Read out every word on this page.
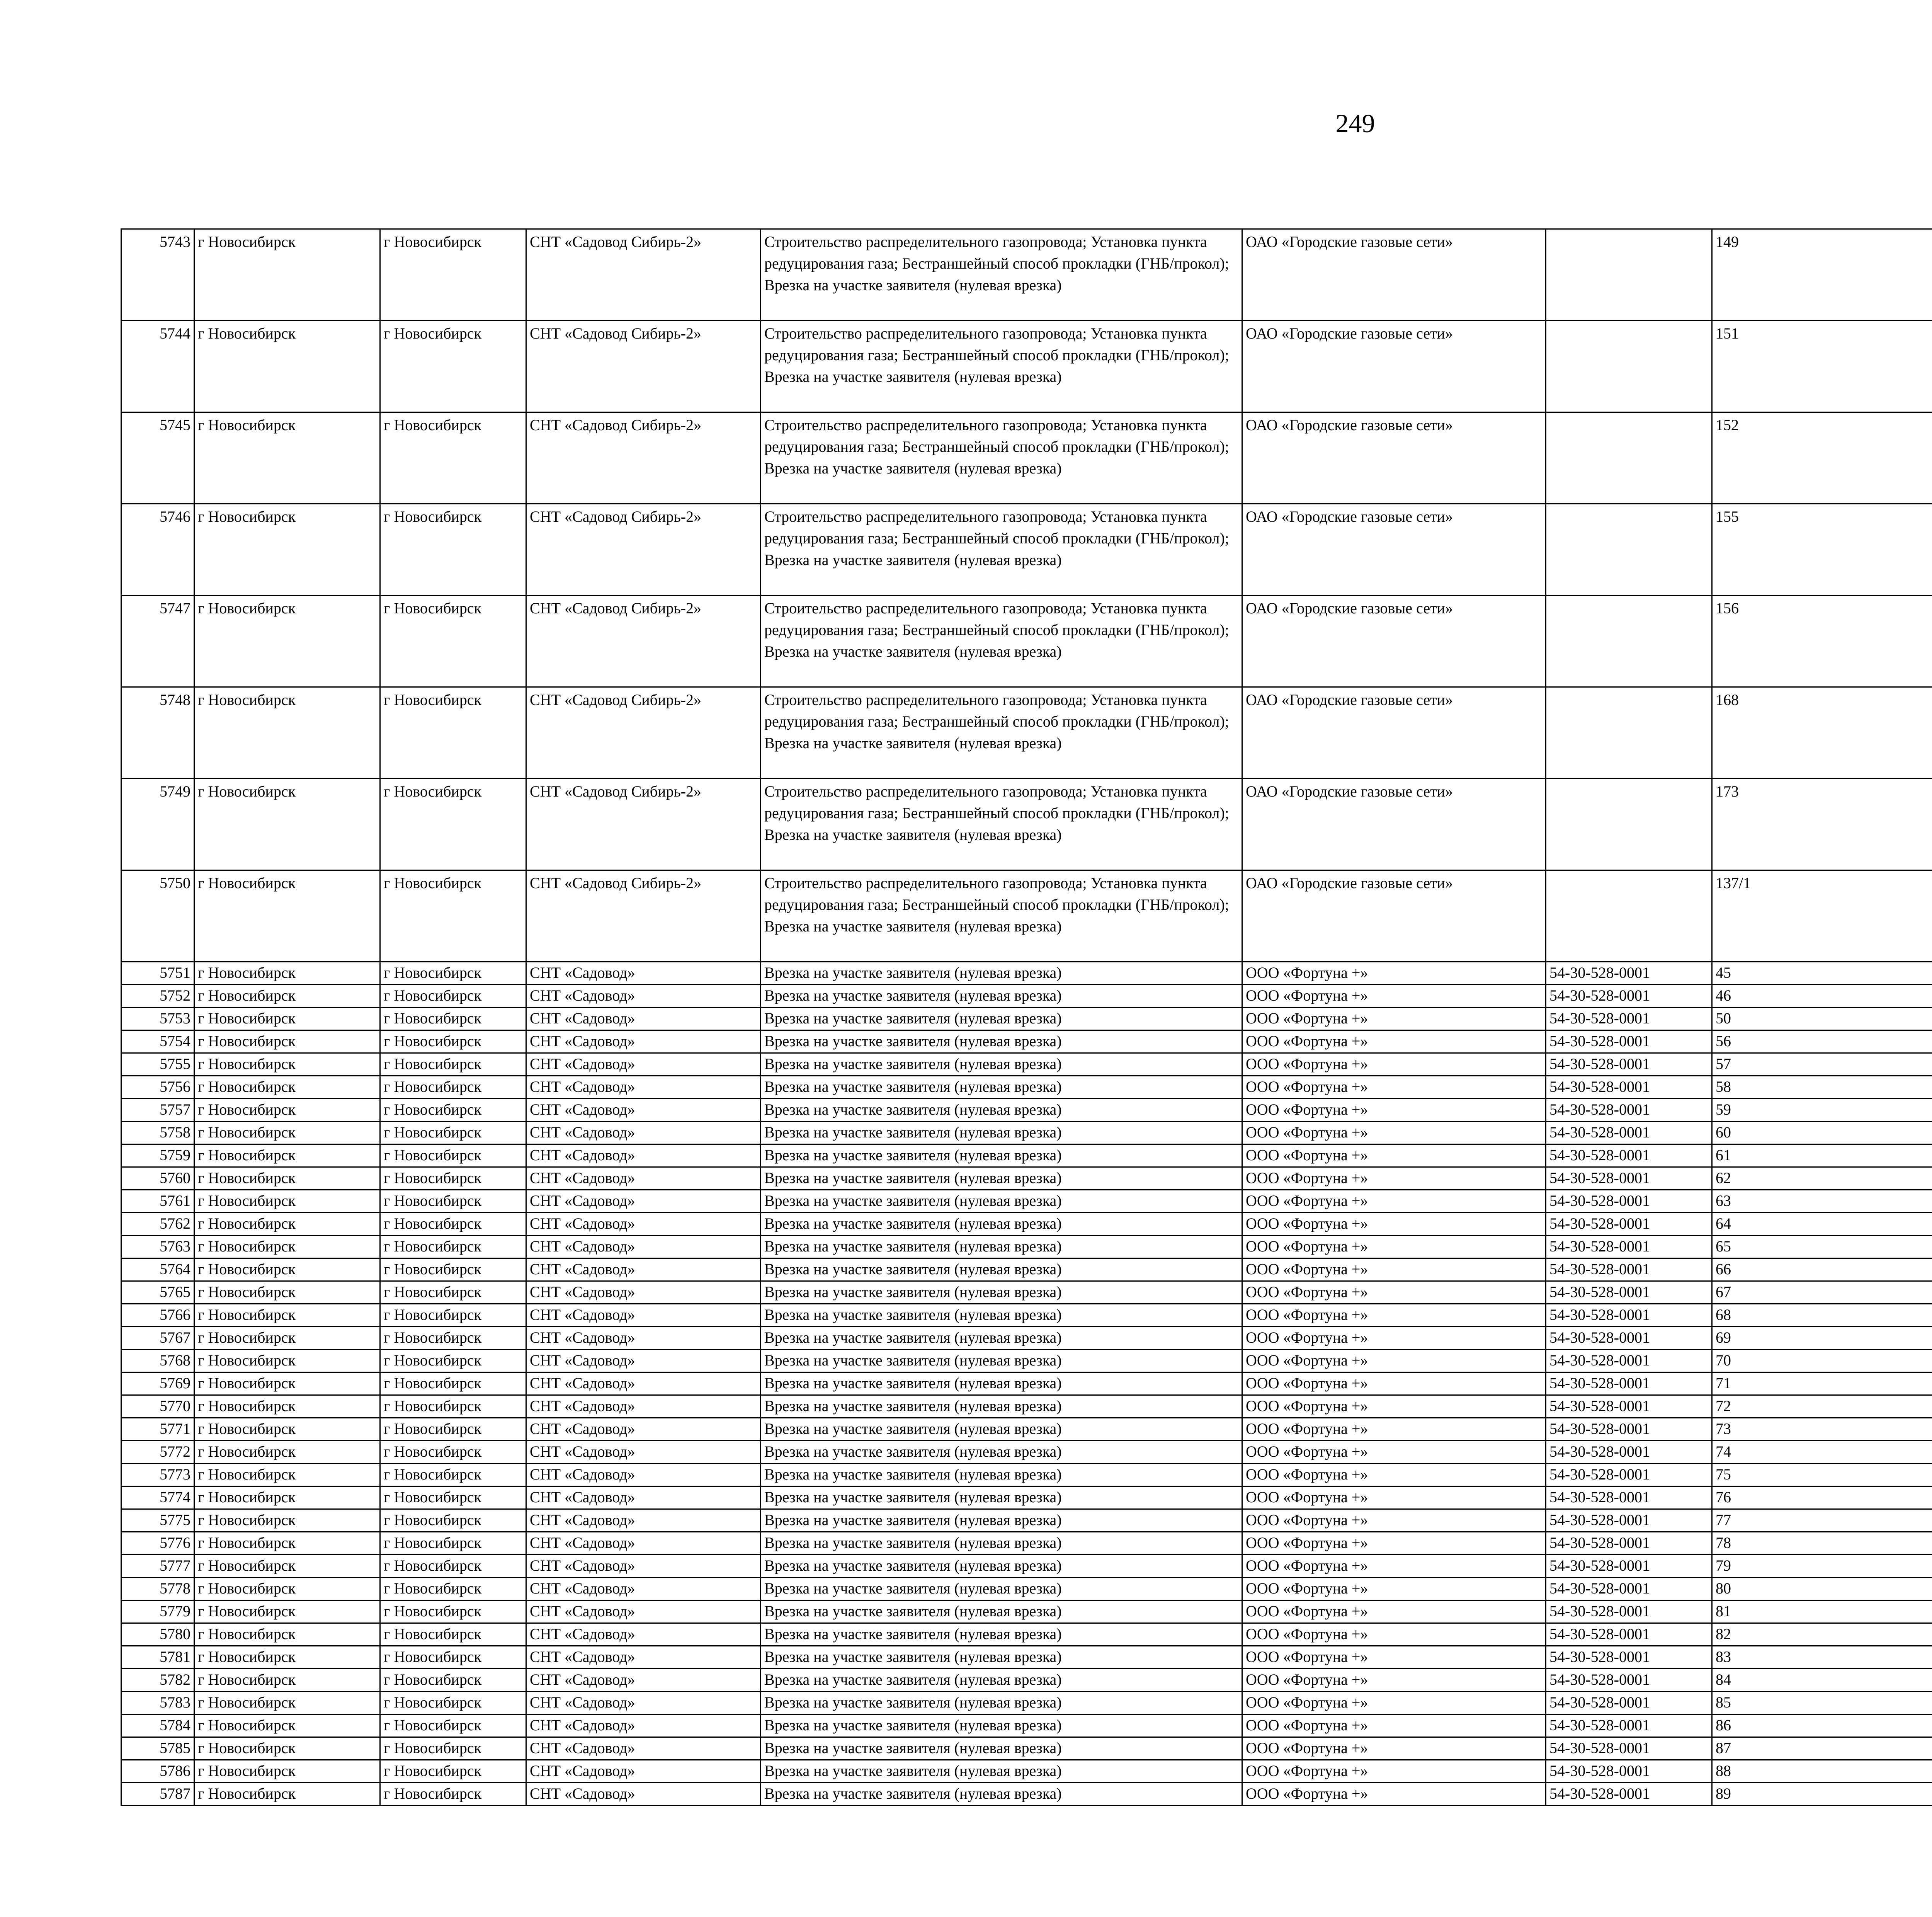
249
5743	г Новосибирск	г Новосибирск	СНТ «Садовод Сибирь-2»	Строительство распределительного газопровода; Установка пункта редуцирования газа; Бестраншейный способ прокладки (ГНБ/прокол); Врезка на участке заявителя (нулевая врезка)	ОАО «Городские газовые сети»		149					
5744	г Новосибирск	г Новосибирск	СНТ «Садовод Сибирь-2»	Строительство распределительного газопровода; Установка пункта редуцирования газа; Бестраншейный способ прокладки (ГНБ/прокол); Врезка на участке заявителя (нулевая врезка)	ОАО «Городские газовые сети»		151					
5745	г Новосибирск	г Новосибирск	СНТ «Садовод Сибирь-2»	Строительство распределительного газопровода; Установка пункта редуцирования газа; Бестраншейный способ прокладки (ГНБ/прокол); Врезка на участке заявителя (нулевая врезка)	ОАО «Городские газовые сети»		152					
5746	г Новосибирск	г Новосибирск	СНТ «Садовод Сибирь-2»	Строительство распределительного газопровода; Установка пункта редуцирования газа; Бестраншейный способ прокладки (ГНБ/прокол); Врезка на участке заявителя (нулевая врезка)	ОАО «Городские газовые сети»		155					
5747	г Новосибирск	г Новосибирск	СНТ «Садовод Сибирь-2»	Строительство распределительного газопровода; Установка пункта редуцирования газа; Бестраншейный способ прокладки (ГНБ/прокол); Врезка на участке заявителя (нулевая врезка)	ОАО «Городские газовые сети»		156					
5748	г Новосибирск	г Новосибирск	СНТ «Садовод Сибирь-2»	Строительство распределительного газопровода; Установка пункта редуцирования газа; Бестраншейный способ прокладки (ГНБ/прокол); Врезка на участке заявителя (нулевая врезка)	ОАО «Городские газовые сети»		168					
5749	г Новосибирск	г Новосибирск	СНТ «Садовод Сибирь-2»	Строительство распределительного газопровода; Установка пункта редуцирования газа; Бестраншейный способ прокладки (ГНБ/прокол); Врезка на участке заявителя (нулевая врезка)	ОАО «Городские газовые сети»		173					
5750	г Новосибирск	г Новосибирск	СНТ «Садовод Сибирь-2»	Строительство распределительного газопровода; Установка пункта редуцирования газа; Бестраншейный способ прокладки (ГНБ/прокол); Врезка на участке заявителя (нулевая врезка)	ОАО «Городские газовые сети»		137/1					
5751	г Новосибирск	г Новосибирск	СНТ «Садовод»	Врезка на участке заявителя (нулевая врезка)	ООО «Фортуна +»	54-30-528-0001	45					
5752	г Новосибирск	г Новосибирск	СНТ «Садовод»	Врезка на участке заявителя (нулевая врезка)	ООО «Фортуна +»	54-30-528-0001	46					
5753	г Новосибирск	г Новосибирск	СНТ «Садовод»	Врезка на участке заявителя (нулевая врезка)	ООО «Фортуна +»	54-30-528-0001	50					
5754	г Новосибирск	г Новосибирск	СНТ «Садовод»	Врезка на участке заявителя (нулевая врезка)	ООО «Фортуна +»	54-30-528-0001	56					
5755	г Новосибирск	г Новосибирск	СНТ «Садовод»	Врезка на участке заявителя (нулевая врезка)	ООО «Фортуна +»	54-30-528-0001	57					
5756	г Новосибирск	г Новосибирск	СНТ «Садовод»	Врезка на участке заявителя (нулевая врезка)	ООО «Фортуна +»	54-30-528-0001	58					
5757	г Новосибирск	г Новосибирск	СНТ «Садовод»	Врезка на участке заявителя (нулевая врезка)	ООО «Фортуна +»	54-30-528-0001	59					
5758	г Новосибирск	г Новосибирск	СНТ «Садовод»	Врезка на участке заявителя (нулевая врезка)	ООО «Фортуна +»	54-30-528-0001	60					
5759	г Новосибирск	г Новосибирск	СНТ «Садовод»	Врезка на участке заявителя (нулевая врезка)	ООО «Фортуна +»	54-30-528-0001	61					
5760	г Новосибирск	г Новосибирск	СНТ «Садовод»	Врезка на участке заявителя (нулевая врезка)	ООО «Фортуна +»	54-30-528-0001	62					
5761	г Новосибирск	г Новосибирск	СНТ «Садовод»	Врезка на участке заявителя (нулевая врезка)	ООО «Фортуна +»	54-30-528-0001	63					
5762	г Новосибирск	г Новосибирск	СНТ «Садовод»	Врезка на участке заявителя (нулевая врезка)	ООО «Фортуна +»	54-30-528-0001	64					
5763	г Новосибирск	г Новосибирск	СНТ «Садовод»	Врезка на участке заявителя (нулевая врезка)	ООО «Фортуна +»	54-30-528-0001	65					
5764	г Новосибирск	г Новосибирск	СНТ «Садовод»	Врезка на участке заявителя (нулевая врезка)	ООО «Фортуна +»	54-30-528-0001	66					
5765	г Новосибирск	г Новосибирск	СНТ «Садовод»	Врезка на участке заявителя (нулевая врезка)	ООО «Фортуна +»	54-30-528-0001	67					
5766	г Новосибирск	г Новосибирск	СНТ «Садовод»	Врезка на участке заявителя (нулевая врезка)	ООО «Фортуна +»	54-30-528-0001	68					
5767	г Новосибирск	г Новосибирск	СНТ «Садовод»	Врезка на участке заявителя (нулевая врезка)	ООО «Фортуна +»	54-30-528-0001	69					
5768	г Новосибирск	г Новосибирск	СНТ «Садовод»	Врезка на участке заявителя (нулевая врезка)	ООО «Фортуна +»	54-30-528-0001	70					
5769	г Новосибирск	г Новосибирск	СНТ «Садовод»	Врезка на участке заявителя (нулевая врезка)	ООО «Фортуна +»	54-30-528-0001	71					
5770	г Новосибирск	г Новосибирск	СНТ «Садовод»	Врезка на участке заявителя (нулевая врезка)	ООО «Фортуна +»	54-30-528-0001	72					
5771	г Новосибирск	г Новосибирск	СНТ «Садовод»	Врезка на участке заявителя (нулевая врезка)	ООО «Фортуна +»	54-30-528-0001	73					
5772	г Новосибирск	г Новосибирск	СНТ «Садовод»	Врезка на участке заявителя (нулевая врезка)	ООО «Фортуна +»	54-30-528-0001	74					
5773	г Новосибирск	г Новосибирск	СНТ «Садовод»	Врезка на участке заявителя (нулевая врезка)	ООО «Фортуна +»	54-30-528-0001	75					
5774	г Новосибирск	г Новосибирск	СНТ «Садовод»	Врезка на участке заявителя (нулевая врезка)	ООО «Фортуна +»	54-30-528-0001	76					
5775	г Новосибирск	г Новосибирск	СНТ «Садовод»	Врезка на участке заявителя (нулевая врезка)	ООО «Фортуна +»	54-30-528-0001	77					
5776	г Новосибирск	г Новосибирск	СНТ «Садовод»	Врезка на участке заявителя (нулевая врезка)	ООО «Фортуна +»	54-30-528-0001	78					
5777	г Новосибирск	г Новосибирск	СНТ «Садовод»	Врезка на участке заявителя (нулевая врезка)	ООО «Фортуна +»	54-30-528-0001	79					
5778	г Новосибирск	г Новосибирск	СНТ «Садовод»	Врезка на участке заявителя (нулевая врезка)	ООО «Фортуна +»	54-30-528-0001	80					
5779	г Новосибирск	г Новосибирск	СНТ «Садовод»	Врезка на участке заявителя (нулевая врезка)	ООО «Фортуна +»	54-30-528-0001	81					
5780	г Новосибирск	г Новосибирск	СНТ «Садовод»	Врезка на участке заявителя (нулевая врезка)	ООО «Фортуна +»	54-30-528-0001	82					
5781	г Новосибирск	г Новосибирск	СНТ «Садовод»	Врезка на участке заявителя (нулевая врезка)	ООО «Фортуна +»	54-30-528-0001	83					
5782	г Новосибирск	г Новосибирск	СНТ «Садовод»	Врезка на участке заявителя (нулевая врезка)	ООО «Фортуна +»	54-30-528-0001	84					
5783	г Новосибирск	г Новосибирск	СНТ «Садовод»	Врезка на участке заявителя (нулевая врезка)	ООО «Фортуна +»	54-30-528-0001	85					
5784	г Новосибирск	г Новосибирск	СНТ «Садовод»	Врезка на участке заявителя (нулевая врезка)	ООО «Фортуна +»	54-30-528-0001	86					
5785	г Новосибирск	г Новосибирск	СНТ «Садовод»	Врезка на участке заявителя (нулевая врезка)	ООО «Фортуна +»	54-30-528-0001	87					
5786	г Новосибирск	г Новосибирск	СНТ «Садовод»	Врезка на участке заявителя (нулевая врезка)	ООО «Фортуна +»	54-30-528-0001	88					
5787	г Новосибирск	г Новосибирск	СНТ «Садовод»	Врезка на участке заявителя (нулевая врезка)	ООО «Фортуна +»	54-30-528-0001	89					
